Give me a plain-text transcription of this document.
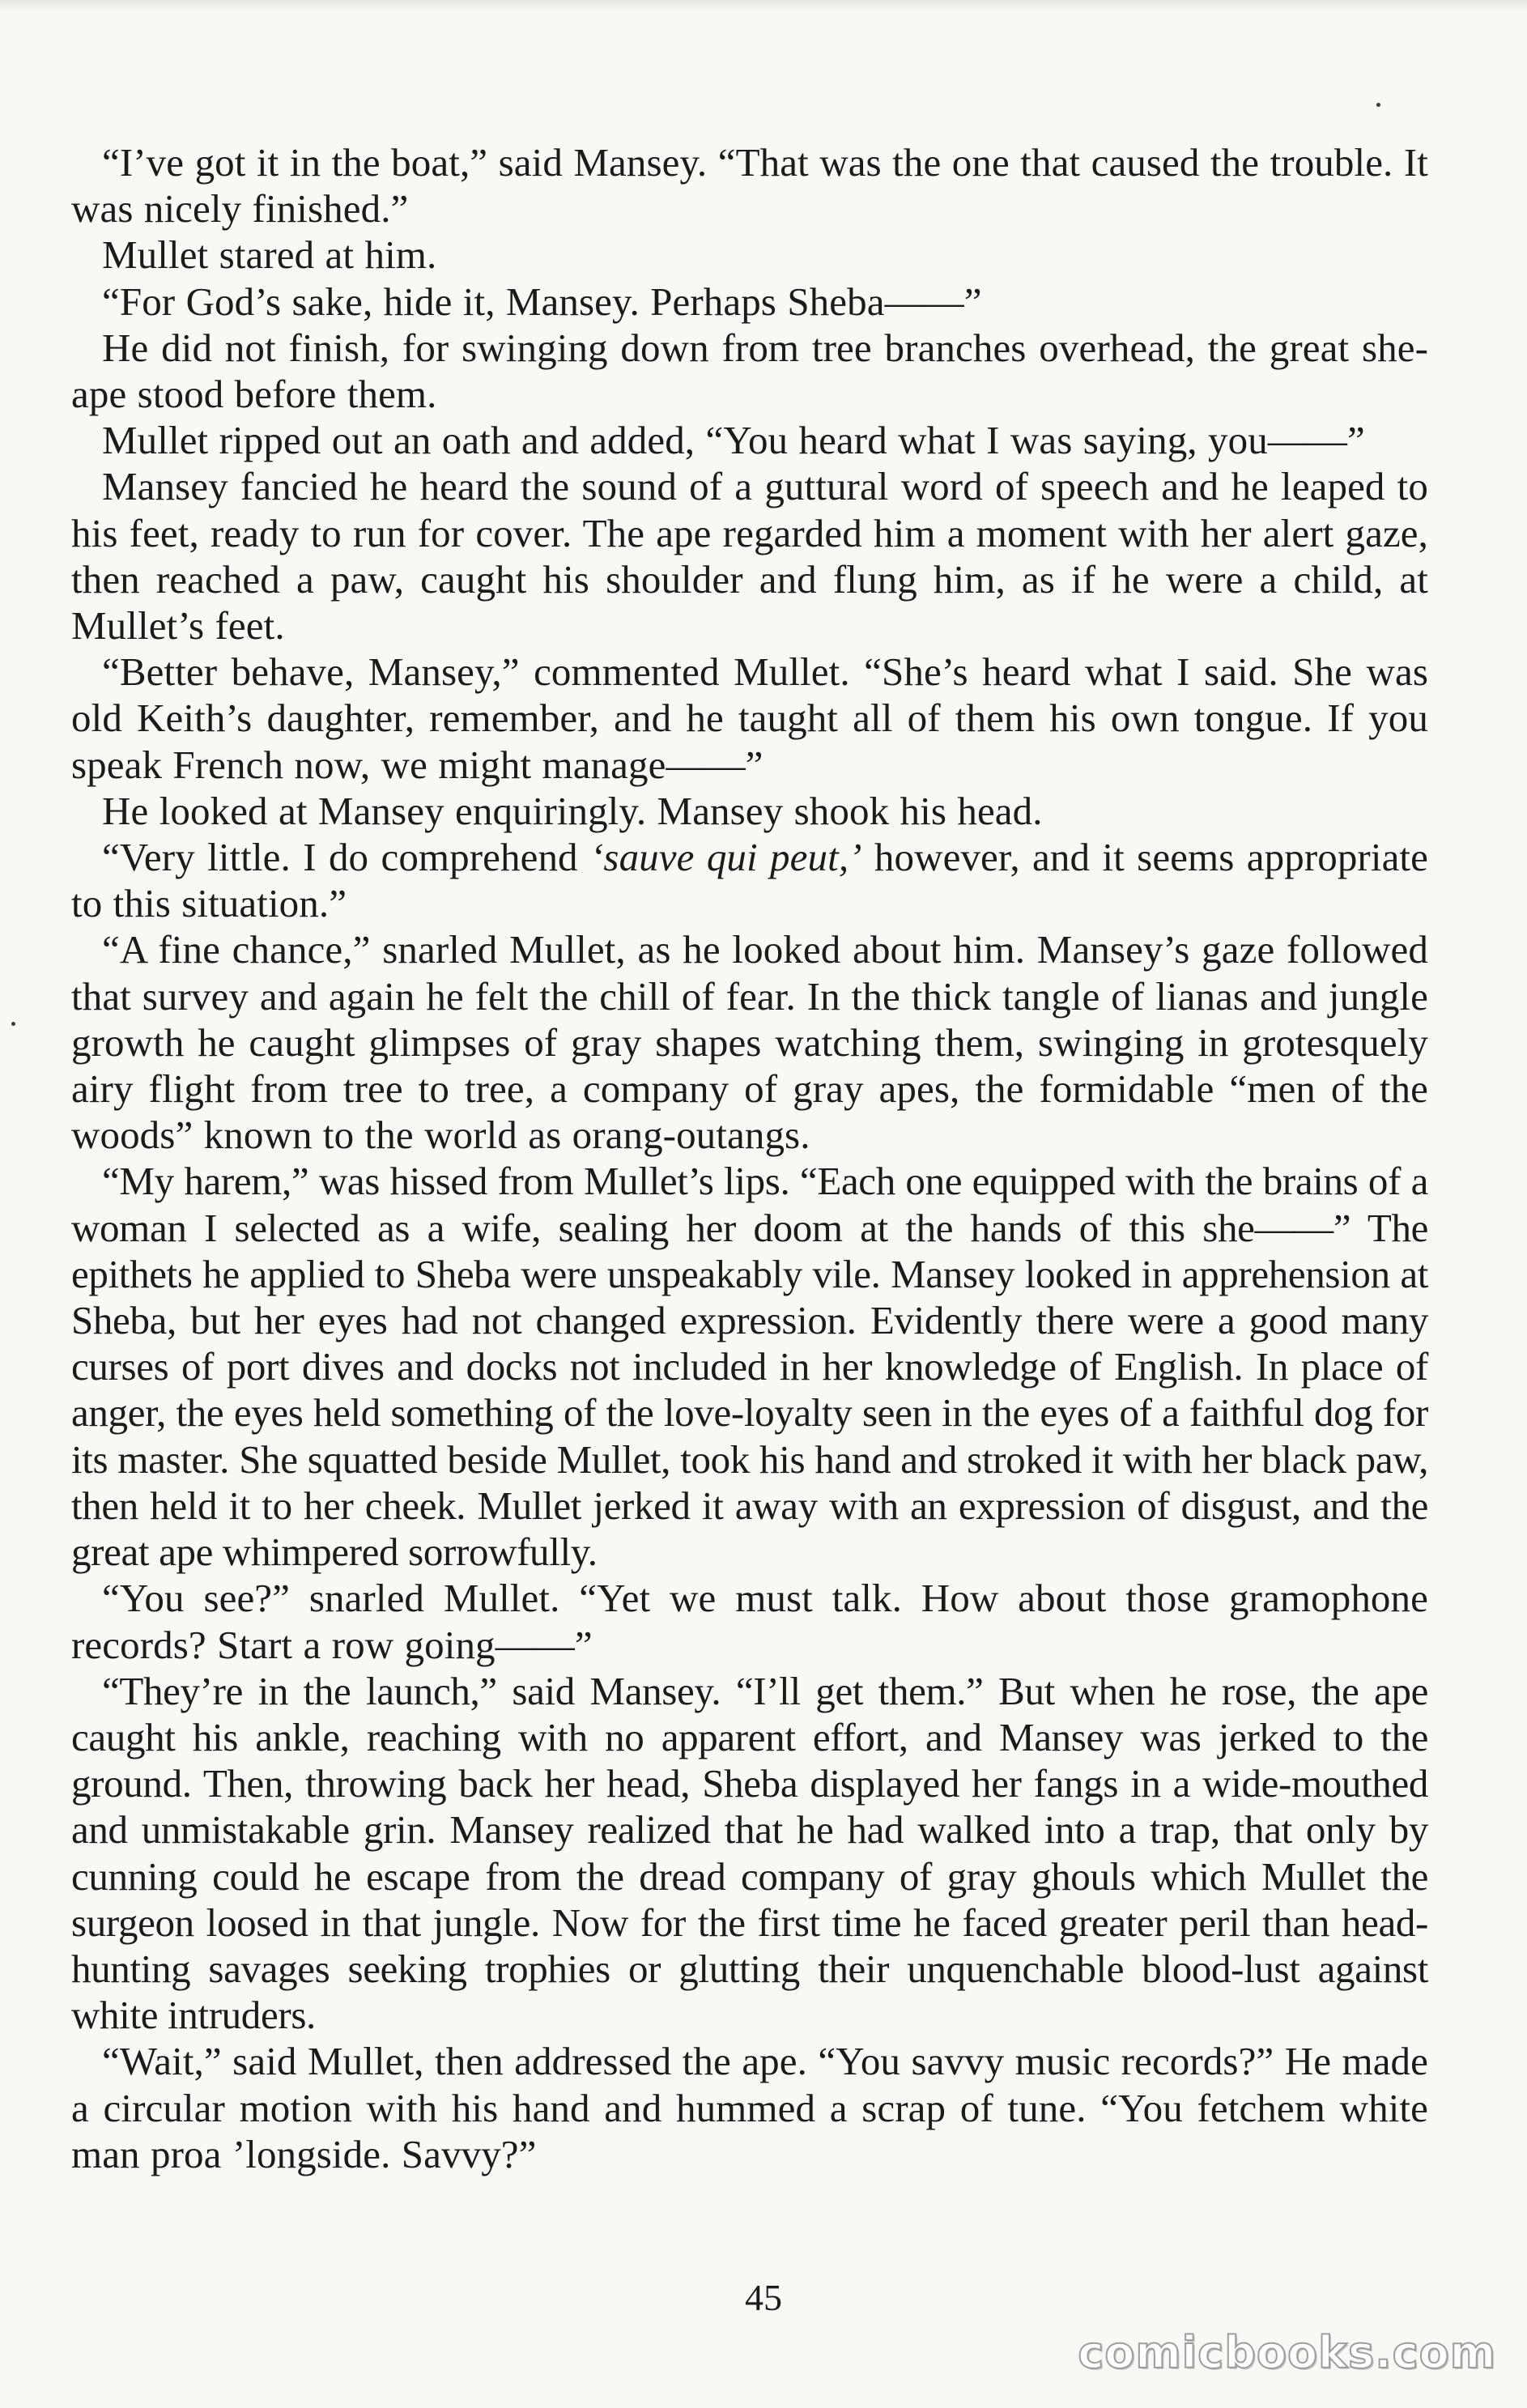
“I’ve got it in the boat,” said Mansey. “That was the one that caused the trouble. It was nicely finished.”

Mullet stared at him.

“For God’s sake, hide it, Mansey. Perhaps Sheba——”

He did not finish, for swinging down from tree branches overhead, the great she-ape stood before them.

Mullet ripped out an oath and added, “You heard what I was saying, you——”

Mansey fancied he heard the sound of a guttural word of speech and he leaped to his feet, ready to run for cover. The ape regarded him a moment with her alert gaze, then reached a paw, caught his shoulder and flung him, as if he were a child, at Mullet’s feet.

“Better behave, Mansey,” commented Mullet. “She’s heard what I said. She was old Keith’s daughter, remember, and he taught all of them his own tongue. If you speak French now, we might manage——”

He looked at Mansey enquiringly. Mansey shook his head.

“Very little. I do comprehend ‘sauve qui peut,’ however, and it seems appropriate to this situation.”

“A fine chance,” snarled Mullet, as he looked about him. Mansey’s gaze followed that survey and again he felt the chill of fear. In the thick tangle of lianas and jungle growth he caught glimpses of gray shapes watching them, swinging in grotesquely airy flight from tree to tree, a company of gray apes, the formidable “men of the woods” known to the world as orang-outangs.

“My harem,” was hissed from Mullet’s lips. “Each one equipped with the brains of a woman I selected as a wife, sealing her doom at the hands of this she——” The epithets he applied to Sheba were unspeakably vile. Mansey looked in apprehension at Sheba, but her eyes had not changed expression. Evidently there were a good many curses of port dives and docks not included in her knowledge of English. In place of anger, the eyes held something of the love-loyalty seen in the eyes of a faithful dog for its master. She squatted beside Mullet, took his hand and stroked it with her black paw, then held it to her cheek. Mullet jerked it away with an expression of disgust, and the great ape whimpered sorrowfully.

“You see?” snarled Mullet. “Yet we must talk. How about those gramophone records? Start a row going——”

“They’re in the launch,” said Mansey. “I’ll get them.” But when he rose, the ape caught his ankle, reaching with no apparent effort, and Mansey was jerked to the ground. Then, throwing back her head, Sheba displayed her fangs in a wide-mouthed and unmistakable grin. Mansey realized that he had walked into a trap, that only by cunning could he escape from the dread company of gray ghouls which Mullet the surgeon loosed in that jungle. Now for the first time he faced greater peril than head-hunting savages seeking trophies or glutting their unquenchable blood-lust against white intruders.

“Wait,” said Mullet, then addressed the ape. “You savvy music records?” He made a circular motion with his hand and hummed a scrap of tune. “You fetchem white man proa ’longside. Savvy?”

45
comicbooks.com
